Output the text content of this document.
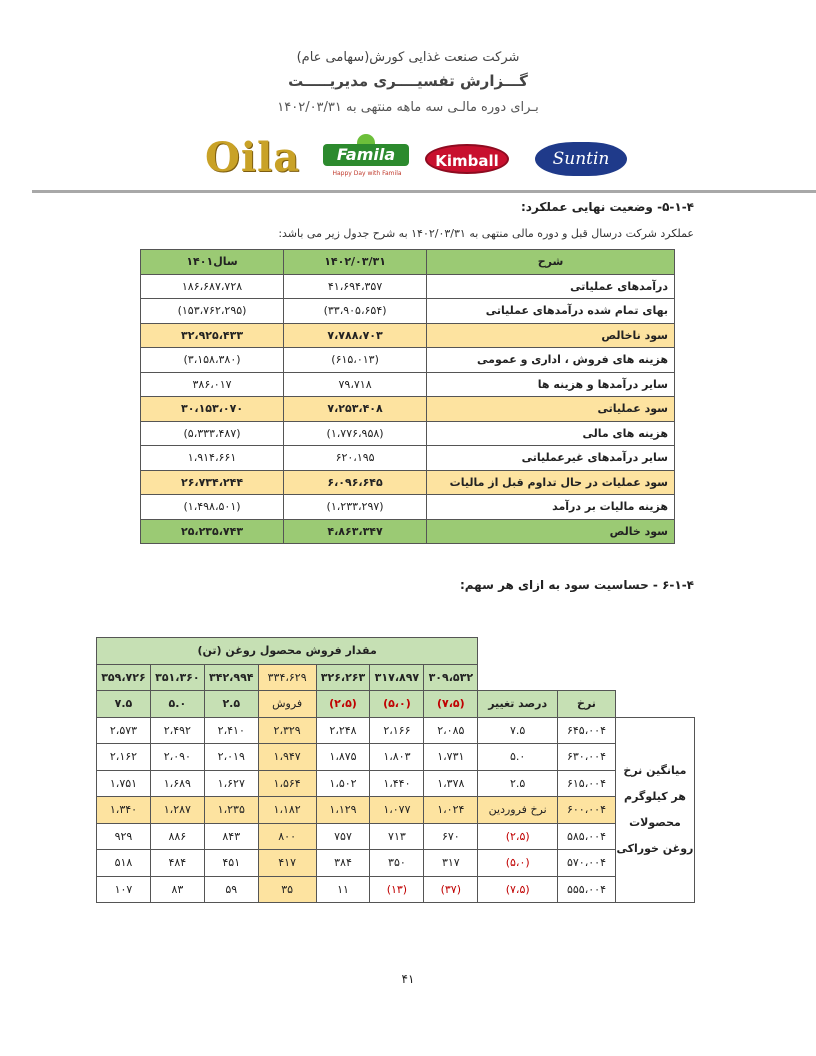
شرکت صنعت غذایی کورش(سهامی عام)
گـــزارش تفسیــــری مدیریـــــت
بـرای دوره مالـی سه ماهه منتهی به ۱۴۰۲/۰۳/۳۱
Oila	Famila
Happy Day with Famila
Kimball	Suntin
۵-۱-۴- وضعیت نهایی عملکرد:
عملکرد شرکت درسال قبل و دوره مالی منتهی به ۱۴۰۲/۰۳/۳۱ به شرح جدول زیر می باشد:
شرح	۱۴۰۲/۰۳/۳۱	سال۱۴۰۱
درآمدهای عملیاتی	۴۱،۶۹۴،۳۵۷	۱۸۶،۶۸۷،۷۲۸
بهای تمام شده درآمدهای عملیاتی	(۳۳،۹۰۵،۶۵۴)	(۱۵۳،۷۶۲،۲۹۵)
سود ناخالص	۷،۷۸۸،۷۰۳	۳۲،۹۲۵،۴۳۳
هزینه های فروش ، اداری و عمومی	(۶۱۵،۰۱۳)	(۳،۱۵۸،۳۸۰)
سایر درآمدها و هزینه ها	۷۹،۷۱۸	۳۸۶،۰۱۷
سود عملیاتی	۷،۲۵۳،۴۰۸	۳۰،۱۵۳،۰۷۰
هزینه های مالی	(۱،۷۷۶،۹۵۸)	(۵،۳۳۳،۴۸۷)
سایر درآمدهای غیرعملیاتی	۶۲۰،۱۹۵	۱،۹۱۴،۶۶۱
سود عملیات در حال تداوم قبل از مالیات	۶،۰۹۶،۶۴۵	۲۶،۷۳۴،۲۴۴
هزینه مالیات بر درآمد	(۱،۲۳۳،۲۹۷)	(۱،۴۹۸،۵۰۱)
سود خالص	۴،۸۶۳،۳۴۷	۲۵،۲۳۵،۷۴۳
۶-۱-۴ - حساسیت سود به ازای هر سهم:
مقدار فروش محصول روغن (تن)									
۳۵۹،۷۲۶	۳۵۱،۳۶۰	۳۴۲،۹۹۴	۳۳۴،۶۲۹	۳۲۶،۲۶۳	۳۱۷،۸۹۷	۳۰۹،۵۳۲			
۷.۵	۵.۰	۲.۵	فروش	(۲،۵)	(۵،۰)	(۷،۵)	درصد تغییر	نرخ	
۲،۵۷۳	۲،۴۹۲	۲،۴۱۰	۲،۳۲۹	۲،۲۴۸	۲،۱۶۶	۲،۰۸۵	۷.۵	۶۴۵،۰۰۴	میانگین نرخ
هر کیلوگرم
محصولات
روغن خوراکی

۲،۱۶۲	۲،۰۹۰	۲،۰۱۹	۱،۹۴۷	۱،۸۷۵	۱،۸۰۳	۱،۷۳۱	۵.۰	۶۳۰،۰۰۴	
۱،۷۵۱	۱،۶۸۹	۱،۶۲۷	۱،۵۶۴	۱،۵۰۲	۱،۴۴۰	۱،۳۷۸	۲.۵	۶۱۵،۰۰۴	
۱،۳۴۰	۱،۲۸۷	۱،۲۳۵	۱،۱۸۲	۱،۱۲۹	۱،۰۷۷	۱،۰۲۴	نرخ فروردین	۶۰۰،۰۰۴	
۹۲۹	۸۸۶	۸۴۳	۸۰۰	۷۵۷	۷۱۳	۶۷۰	(۲،۵)	۵۸۵،۰۰۴	
۵۱۸	۴۸۴	۴۵۱	۴۱۷	۳۸۴	۳۵۰	۳۱۷	(۵،۰)	۵۷۰،۰۰۴	
۱۰۷	۸۳	۵۹	۳۵	۱۱	(۱۳)	(۳۷)	(۷،۵)	۵۵۵،۰۰۴	
۴۱
